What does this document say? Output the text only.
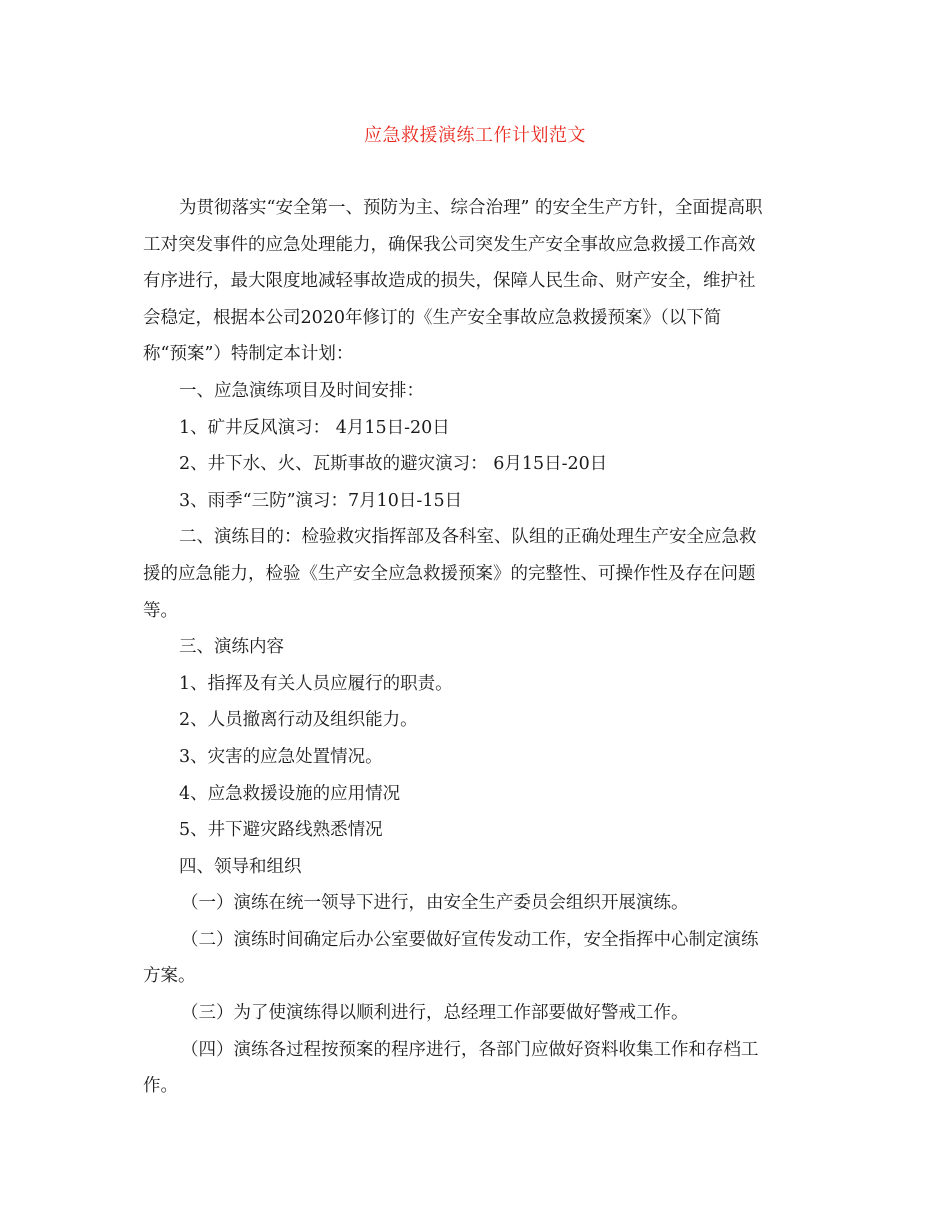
应急救援演练工作计划范文
为贯彻落实“安全第一、预防为主、综合治理” 的安全生产方针，全面提高职
工对突发事件的应急处理能力，确保我公司突发生产安全事故应急救援工作高效
有序进行，最大限度地减轻事故造成的损失，保障人民生命、财产安全，维护社
会稳定，根据本公司2020年修订的《生产安全事故应急救援预案》（以下简
称“预案”）特制定本计划：
一、应急演练项目及时间安排：
1、矿井反风演习： 4月15日-20日
2、井下水、火、瓦斯事故的避灾演习： 6月15日-20日
3、雨季“三防”演习：7月10日-15日
二、演练目的：检验救灾指挥部及各科室、队组的正确处理生产安全应急救
援的应急能力，检验《生产安全应急救援预案》的完整性、可操作性及存在问题
等。
三、演练内容
1、指挥及有关人员应履行的职责。
2、人员撤离行动及组织能力。
3、灾害的应急处置情况。
4、应急救援设施的应用情况
5、井下避灾路线熟悉情况
四、领导和组织
（一）演练在统一领导下进行，由安全生产委员会组织开展演练。
（二）演练时间确定后办公室要做好宣传发动工作，安全指挥中心制定演练
方案。
（三）为了使演练得以顺利进行，总经理工作部要做好警戒工作。
（四）演练各过程按预案的程序进行，各部门应做好资料收集工作和存档工
作。
